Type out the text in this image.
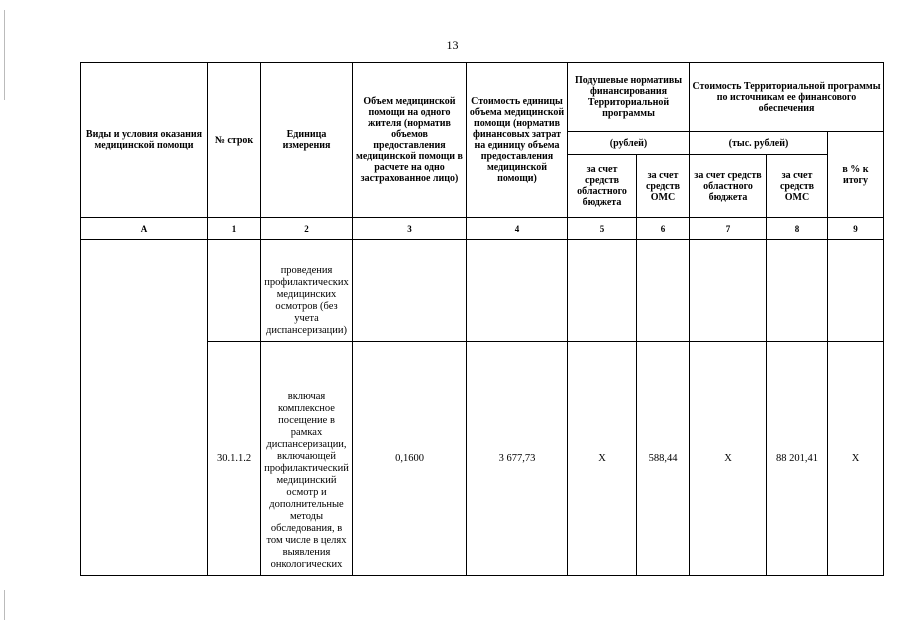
13
Виды и условия оказания медицинской помощи	№ строк	Единица измерения	Объем медицинской помощи на одного жителя (норматив объемов предоставления медицинской помощи в расчете на одно застрахованное лицо)	Стоимость единицы объема медицинской помощи (норматив финансовых затрат на единицу объема предоставления медицинской помощи)	Подушевые нормативы финансирования Территориальной программы		Стоимость Территориальной программы по источникам ее финансового обеспечения		
					(рублей)		(тыс. рублей)		в % к итогу
					за счет средств областного бюджета	за счет средств ОМС	за счет средств областного бюджета	за счет средств ОМС	
А	1	2	3	4	5	6	7	8	9
		проведения профилактических медицинских осмотров (без учета диспансеризации)							
	30.1.1.2	включая комплексное посещение в рамках диспансеризации, включающей профилактический медицинский осмотр и дополнительные методы обследования, в том числе в целях выявления онкологических	0,1600	3 677,73	Х	588,44	Х	88 201,41	Х
